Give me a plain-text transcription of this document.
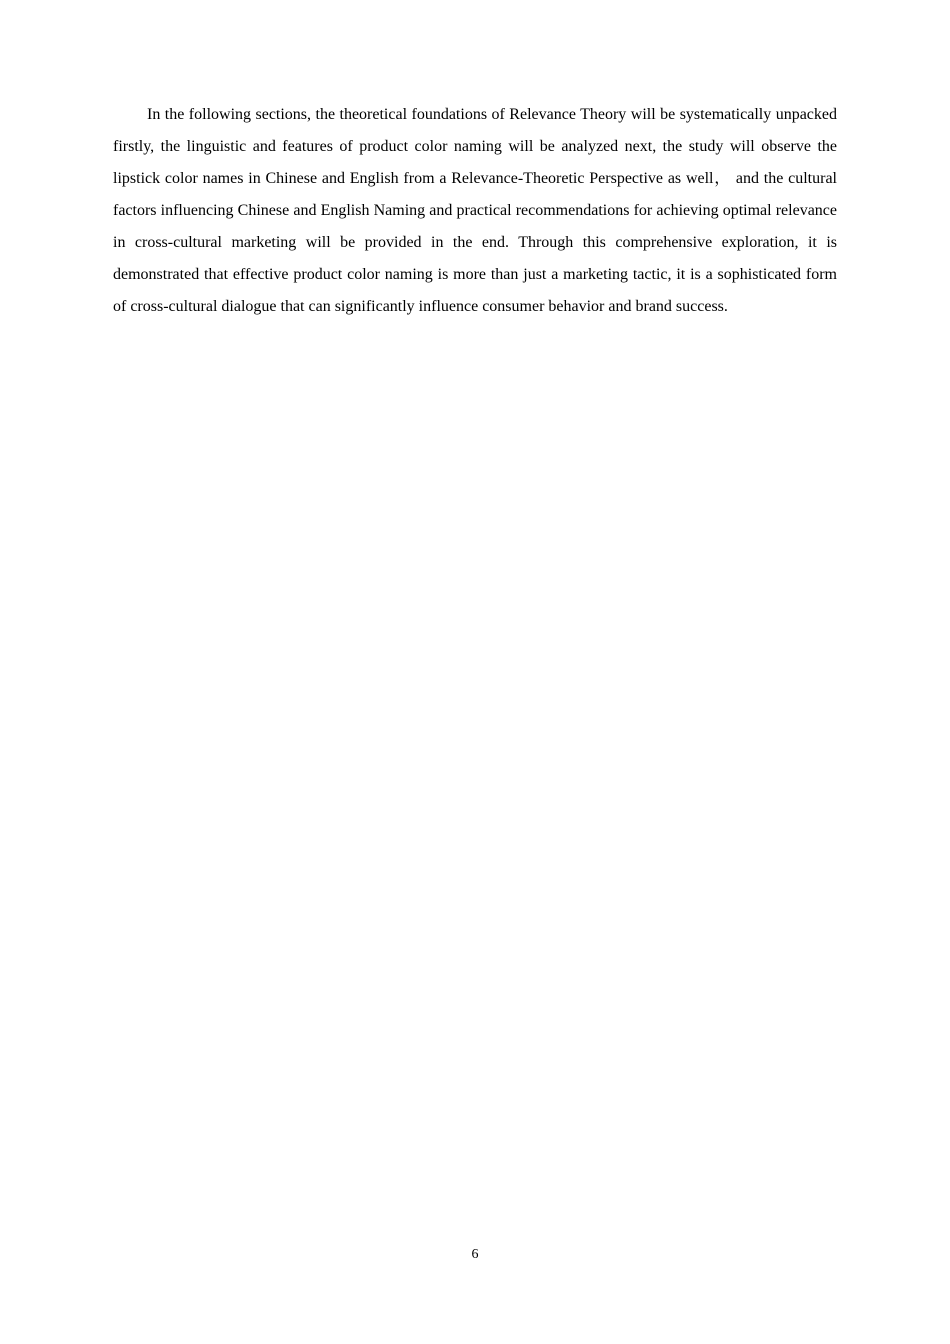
In the following sections, the theoretical foundations of Relevance Theory will be systematically unpacked firstly, the linguistic and features of product color naming will be analyzed next, the study will observe the lipstick color names in Chinese and English from a Relevance-Theoretic Perspective as well， and the cultural factors influencing Chinese and English Naming and practical recommendations for achieving optimal relevance in cross-cultural marketing will be provided in the end. Through this comprehensive exploration, it is demonstrated that effective product color naming is more than just a marketing tactic, it is a sophisticated form of cross-cultural dialogue that can significantly influence consumer behavior and brand success.

6
